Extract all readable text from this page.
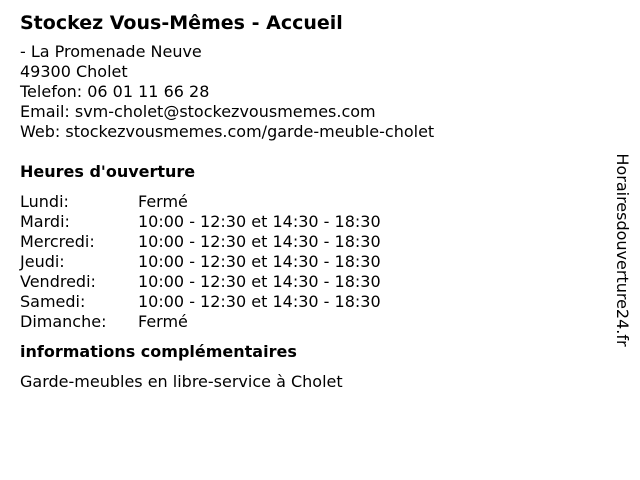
Stockez Vous-Mêmes - Accueil
- La Promenade Neuve
49300 Cholet
Telefon: 06 01 11 66 28
Email: svm-cholet@stockezvousmemes.com
Web: stockezvousmemes.com/garde-meuble-cholet
Heures d'ouverture
Lundi:	Fermé
Mardi:	10:00 - 12:30 et 14:30 - 18:30
Mercredi:	10:00 - 12:30 et 14:30 - 18:30
Jeudi:	10:00 - 12:30 et 14:30 - 18:30
Vendredi:	10:00 - 12:30 et 14:30 - 18:30
Samedi:	10:00 - 12:30 et 14:30 - 18:30
Dimanche:	Fermé
informations complémentaires
Garde-meubles en libre-service à Cholet
Horairesdouverture24.fr
